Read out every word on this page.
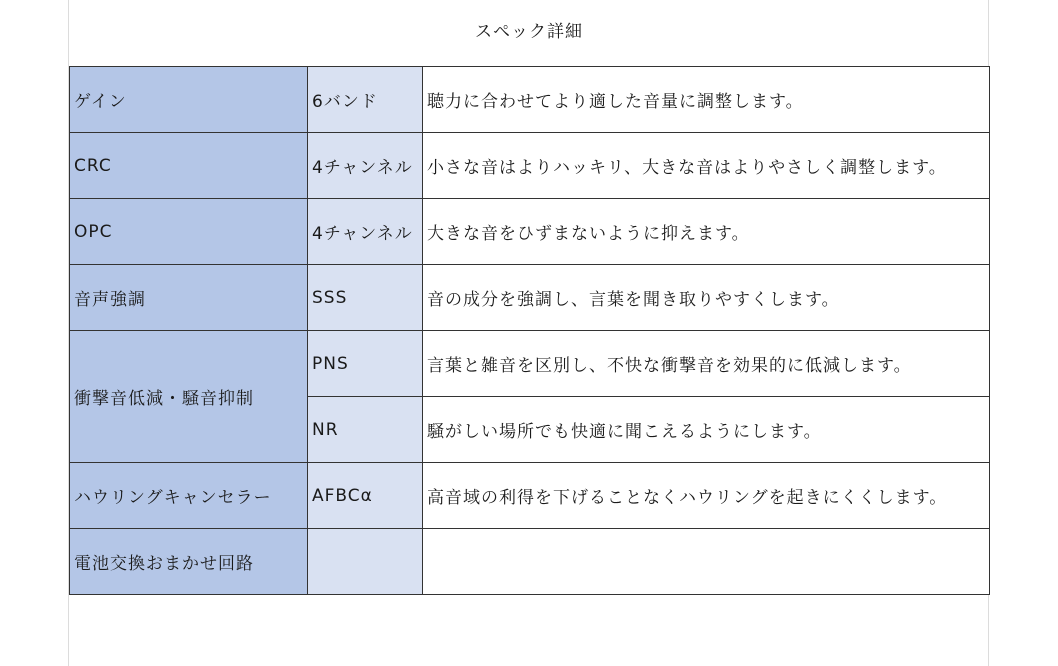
スペック詳細
ゲイン	6バンド	聴力に合わせてより適した音量に調整します。
CRC	4チャンネル	小さな音はよりハッキリ、大きな音はよりやさしく調整します。
OPC	4チャンネル	大きな音をひずまないように抑えます。
音声強調	SSS	音の成分を強調し、言葉を聞き取りやすくします。
衝撃音低減・騒音抑制	PNS	言葉と雑音を区別し、不快な衝撃音を効果的に低減します。
	NR	騒がしい場所でも快適に聞こえるようにします。
ハウリングキャンセラー	AFBCα	高音域の利得を下げることなくハウリングを起きにくくします。
電池交換おまかせ回路		
